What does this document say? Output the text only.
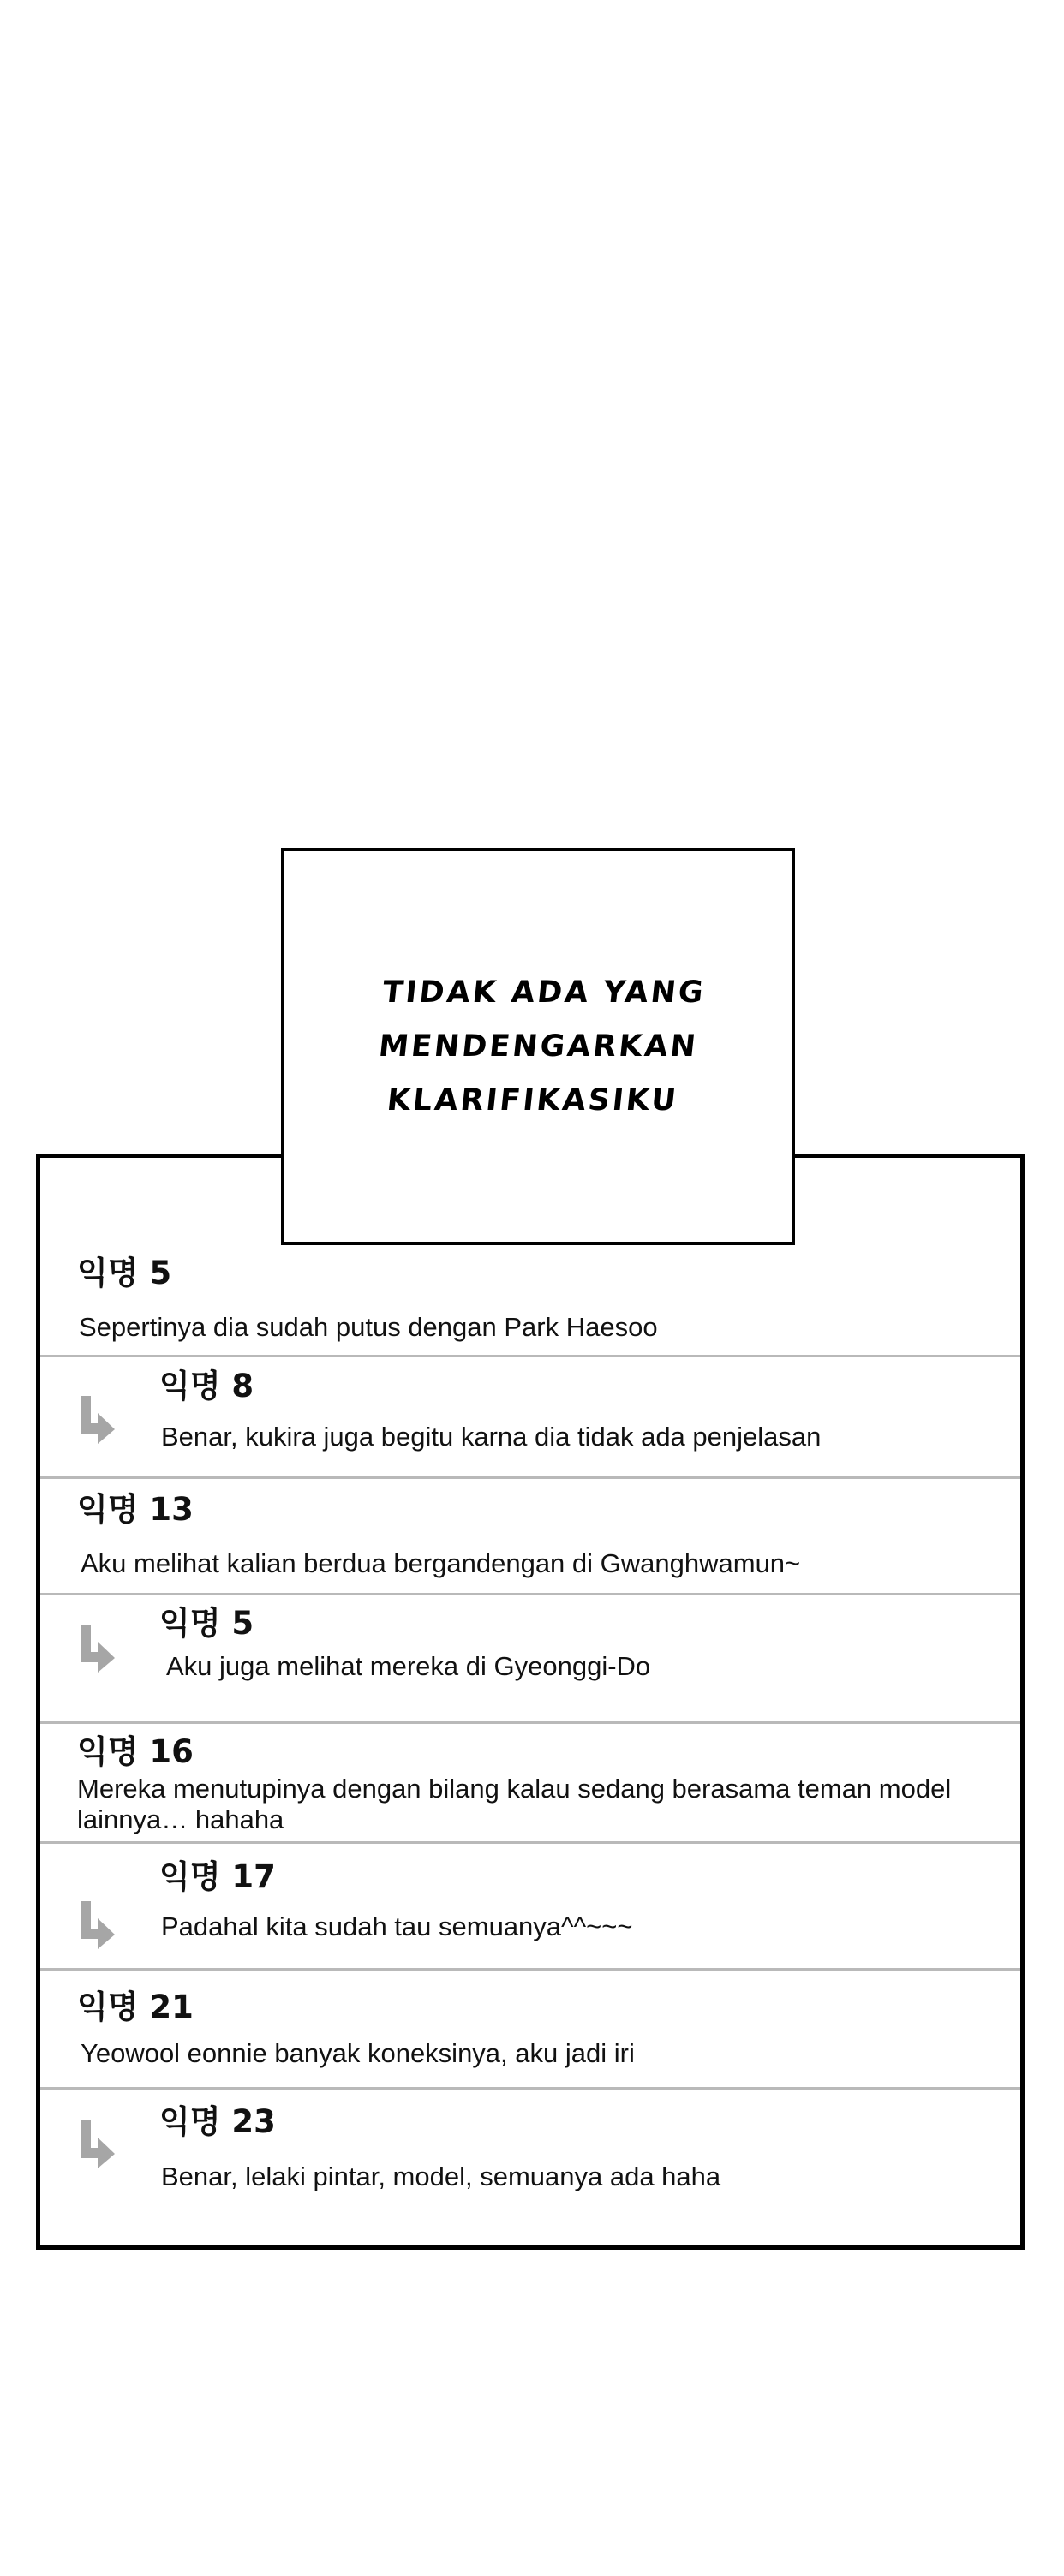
TIDAK ADA YANG
MENDENGARKAN
KLARIFIKASIKU
익명 5
Sepertinya dia sudah putus dengan Park Haesoo
익명 8
Benar, kukira juga begitu karna dia tidak ada penjelasan
익명 13
Aku melihat kalian berdua bergandengan di Gwanghwamun~
익명 5
Aku juga melihat mereka di Gyeonggi-Do
익명 16
Mereka menutupinya dengan bilang kalau sedang berasama teman model lainnya… hahaha
익명 17
Padahal kita sudah tau semuanya^^~~~
익명 21
Yeowool eonnie banyak koneksinya, aku jadi iri
익명 23
Benar, lelaki pintar, model, semuanya ada haha
